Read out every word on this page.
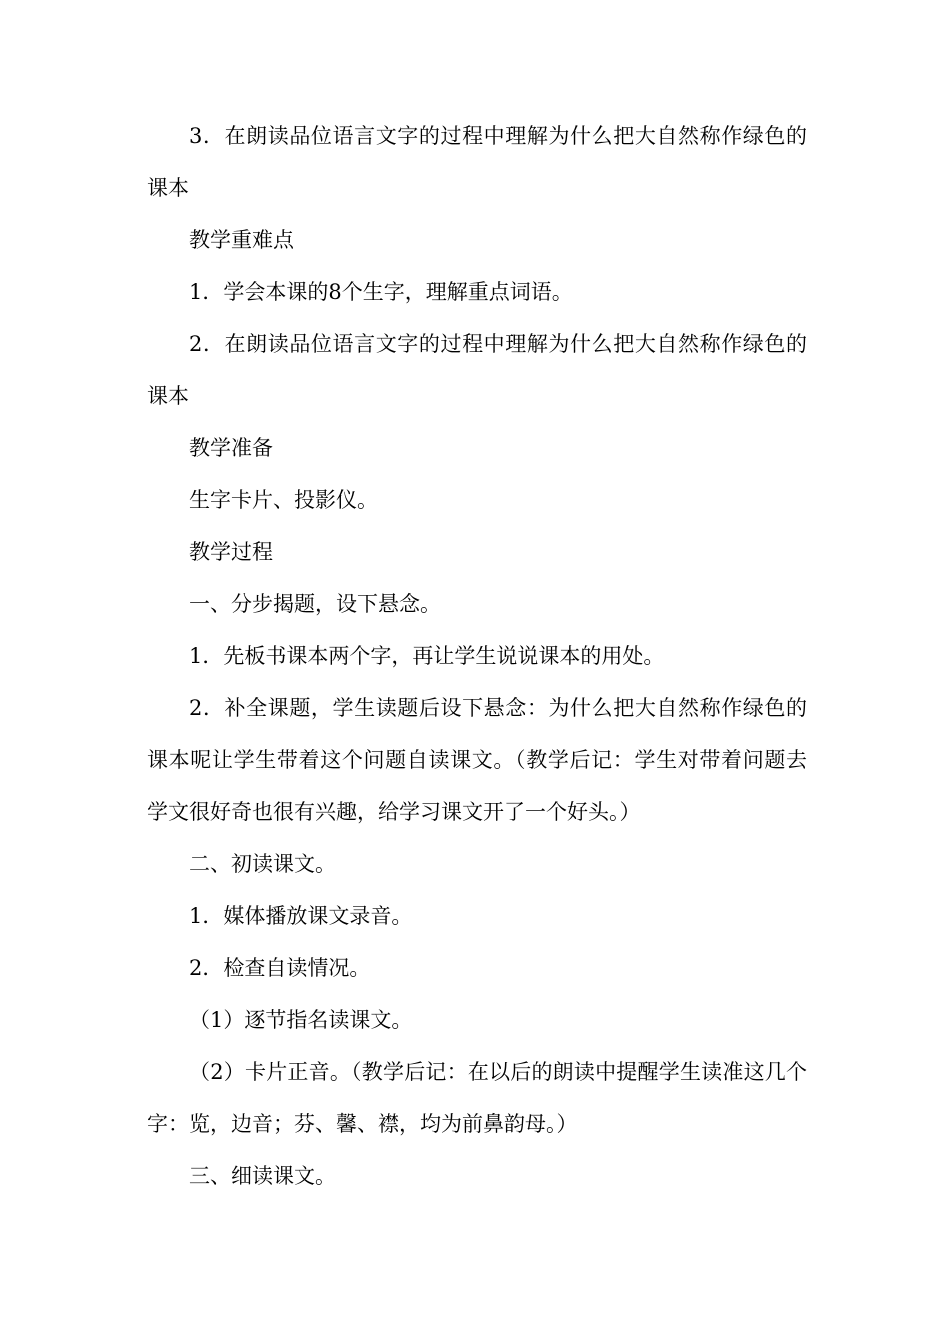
3．在朗读品位语言文字的过程中理解为什么把大自然称作绿色的课本

教学重难点

1．学会本课的8个生字，理解重点词语。

2．在朗读品位语言文字的过程中理解为什么把大自然称作绿色的课本

教学准备

生字卡片、投影仪。

教学过程

一、分步揭题，设下悬念。

1．先板书课本两个字，再让学生说说课本的用处。

2．补全课题，学生读题后设下悬念：为什么把大自然称作绿色的课本呢让学生带着这个问题自读课文。（教学后记：学生对带着问题去学文很好奇也很有兴趣，给学习课文开了一个好头。）

二、初读课文。

1．媒体播放课文录音。

2．检查自读情况。

（1）逐节指名读课文。

（2）卡片正音。（教学后记：在以后的朗读中提醒学生读准这几个字：览，边音；芬、馨、襟，均为前鼻韵母。）

三、细读课文。
